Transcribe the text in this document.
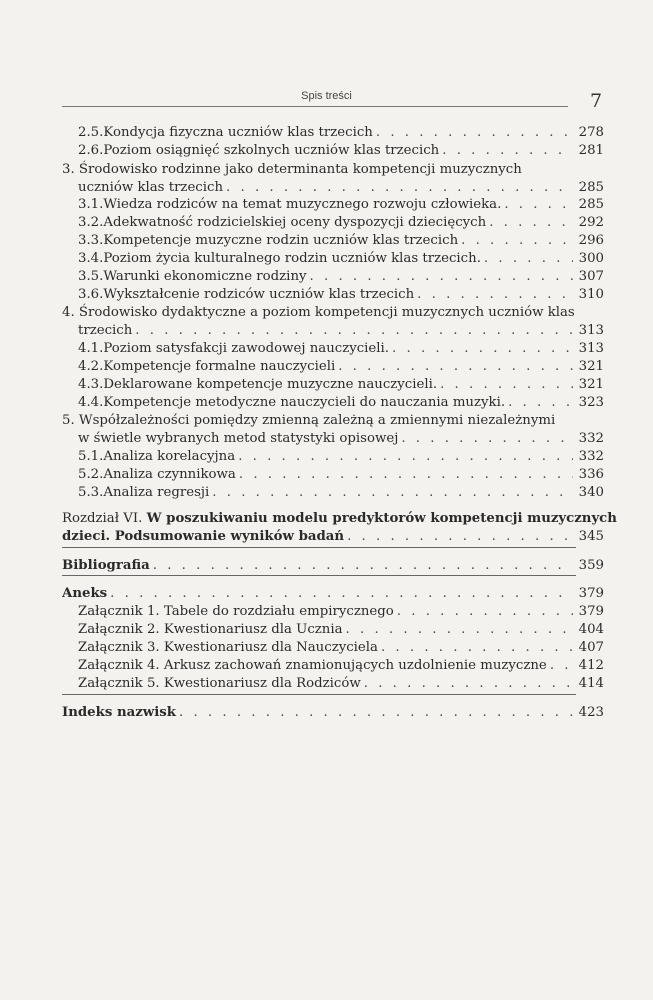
Spis treści	7
2.5.Kondycja fizyczna uczniów klas trzecich . . .	278
2.6.Poziom osiągnięć szkolnych uczniów klas trzecich . . .	281
3. Środowisko rodzinne jako determinanta kompetencji muzycznych
uczniów klas trzecich . . .	285
3.1.Wiedza rodziców na temat muzycznego rozwoju człowieka. . . .	285
3.2.Adekwatność rodzicielskiej oceny dyspozycji dziecięcych . . .	292
3.3.Kompetencje muzyczne rodzin uczniów klas trzecich . . .	296
3.4.Poziom życia kulturalnego rodzin uczniów klas trzecich. . . .	300
3.5.Warunki ekonomiczne rodziny . . .	307
3.6.Wykształcenie rodziców uczniów klas trzecich . . .	310
4. Środowisko dydaktyczne a poziom kompetencji muzycznych uczniów klas
trzecich . . .	313
4.1.Poziom satysfakcji zawodowej nauczycieli. . . .	313
4.2.Kompetencje formalne nauczycieli . . .	321
4.3.Deklarowane kompetencje muzyczne nauczycieli. . . .	321
4.4.Kompetencje metodyczne nauczycieli do nauczania muzyki. . . .	323
5. Współzależności pomiędzy zmienną zależną a zmiennymi niezależnymi
w świetle wybranych metod statystyki opisowej . . .	332
5.1.Analiza korelacyjna . . .	332
5.2.Analiza czynnikowa . . .	336
5.3.Analiza regresji . . .	340
Rozdział VI. W poszukiwaniu modelu predyktorów kompetencji muzycznych
dzieci. Podsumowanie wyników badań . . .	345
Bibliografia . . .	359
Aneks . . .	379
Załącznik 1. Tabele do rozdziału empirycznego . . .	379
Załącznik 2. Kwestionariusz dla Ucznia . . .	404
Załącznik 3. Kwestionariusz dla Nauczyciela . . .	407
Załącznik 4. Arkusz zachowań znamionujących uzdolnienie muzyczne . . .	412
Załącznik 5. Kwestionariusz dla Rodziców . . .	414
Indeks nazwisk . . .	423
